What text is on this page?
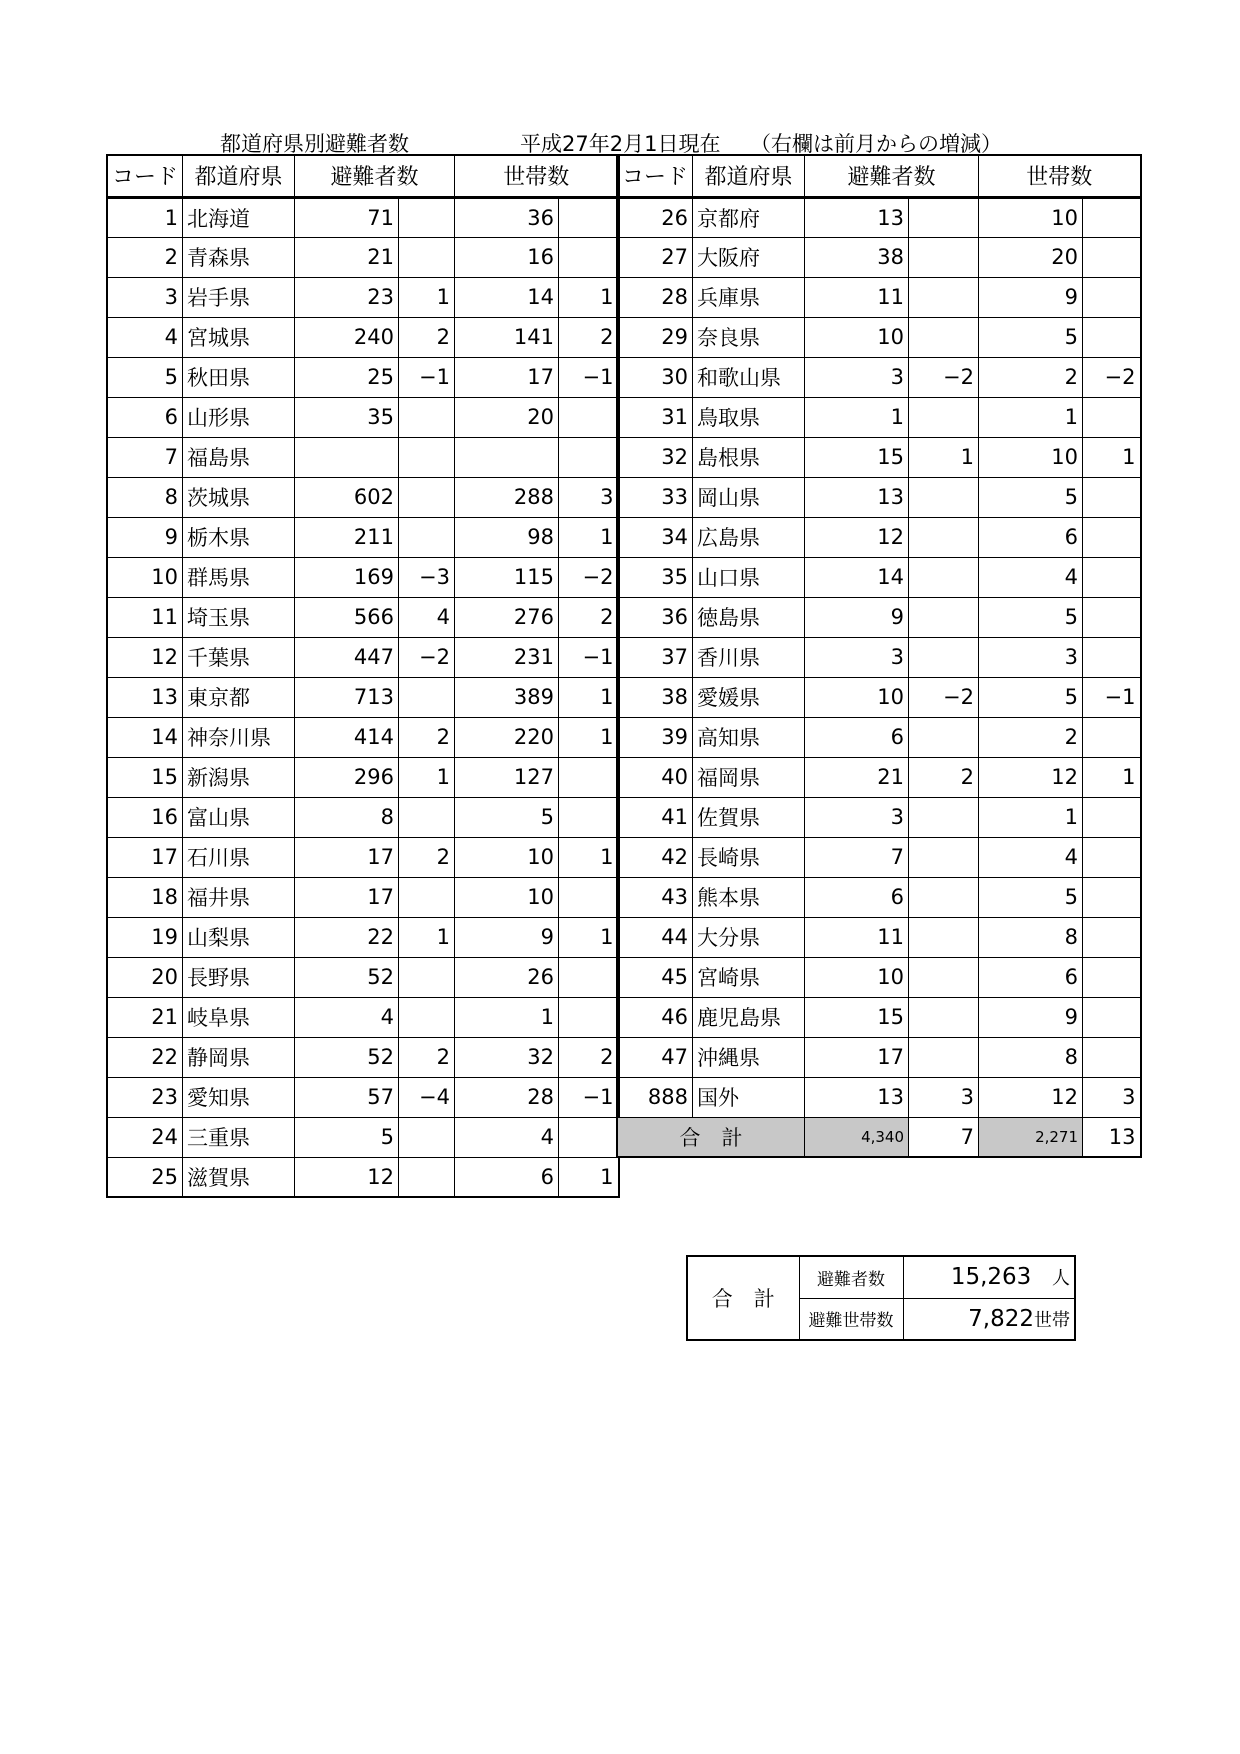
都道府県別避難者数	平成27年2月1日現在 （右欄は前月からの増減）
コード	都道府県	避難者数		世帯数	
1	北海道	71		36	
2	青森県	21		16	
3	岩手県	23	1	14	1
4	宮城県	240	2	141	2
5	秋田県	25	−1	17	−1
6	山形県	35		20	
7	福島県				
8	茨城県	602		288	3
9	栃木県	211		98	1
10	群馬県	169	−3	115	−2
11	埼玉県	566	4	276	2
12	千葉県	447	−2	231	−1
13	東京都	713		389	1
14	神奈川県	414	2	220	1
15	新潟県	296	1	127	
16	富山県	8		5	
17	石川県	17	2	10	1
18	福井県	17		10	
19	山梨県	22	1	9	1
20	長野県	52		26	
21	岐阜県	4		1	
22	静岡県	52	2	32	2
23	愛知県	57	−4	28	−1
24	三重県	5		4	
25	滋賀県	12		6	1
コード	都道府県	避難者数		世帯数	
26	京都府	13		10	
27	大阪府	38		20	
28	兵庫県	11		9	
29	奈良県	10		5	
30	和歌山県	3	−2	2	−2
31	鳥取県	1		1	
32	島根県	15	1	10	1
33	岡山県	13		5	
34	広島県	12		6	
35	山口県	14		4	
36	徳島県	9		5	
37	香川県	3		3	
38	愛媛県	10	−2	5	−1
39	高知県	6		2	
40	福岡県	21	2	12	1
41	佐賀県	3		1	
42	長崎県	7		4	
43	熊本県	6		5	
44	大分県	11		8	
45	宮崎県	10		6	
46	鹿児島県	15		9	
47	沖縄県	17		8	
888	国外	13	3	12	3
合　計		4,340	7	2,271	13
合　計	避難者数	15,263 人
	避難世帯数	7,822世帯
